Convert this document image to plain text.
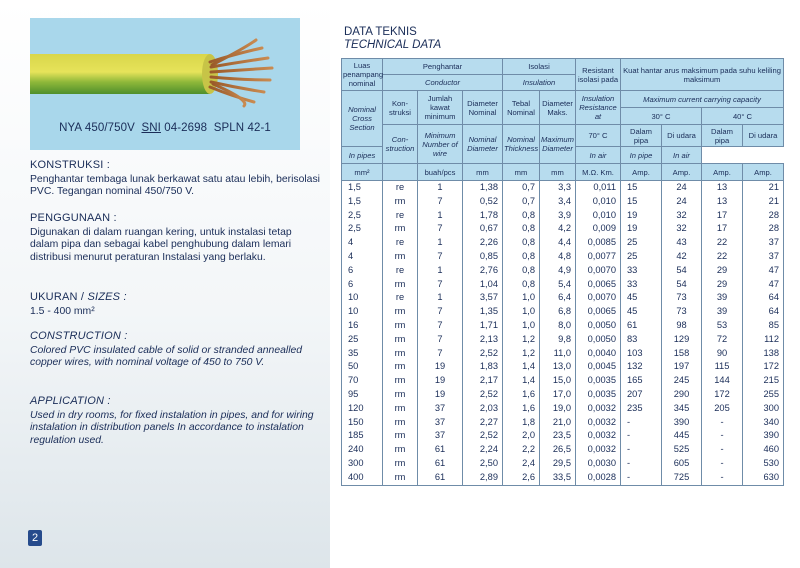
NYA 450/750V SNI 04-2698 SPLN 42-1
KONSTRUKSI :

Penghantar tembaga lunak berkawat satu atau lebih, berisolasi PVC. Tegangan nominal 450/750 V.

PENGGUNAAN :

Digunakan di dalam ruangan kering, untuk instalasi tetap dalam pipa dan sebagai kabel penghubung dalam lemari distribusi menurut peraturan Instalasi yang berlaku.

UKURAN / SIZES :

1.5 - 400 mm²

CONSTRUCTION :

Colored PVC insulated cable of solid or stranded annealled copper wires, with nominal voltage of 450 to 750 V.

APPLICATION :

Used in dry rooms, for fixed instalation in pipes, and for wiring instalation in distribution panels In accordance to instalation regulation used.

2
DATA TEKNIS
TECHNICAL DATA
Luas penampang nominal	Penghantar			Isolasi		Resistant isolasi pada	Kuat hantar arus maksimum pada suhu keliling maksimum			
	Conductor			Insulation						
Nominal Cross Section	Kon-struksi	Jumlah kawat minimum	Diameter Nominal	Tebal Nominal	Diameter Maks.	Insulation Resistance at	Maximum current carrying capacity			
							30° C		40° C	
	Con-struction	Minimum Number of wire	Nominal Diameter	Nominal Thickness	Maximum Diameter	70° C	Dalam pipa	Di udara	Dalam pipa	Di udara
In pipes						In air	In pipe	In air		
mm²		buah/pcs	mm	mm	mm	M.Ω. Km.	Amp.	Amp.	Amp.	Amp.
1,5	re	1	1,38	0,7	3,3	0,011	15	24	13	21
1,5	rm	7	0,52	0,7	3,4	0,010	15	24	13	21
2,5	re	1	1,78	0,8	3,9	0,010	19	32	17	28
2,5	rm	7	0,67	0,8	4,2	0,009	19	32	17	28
4	re	1	2,26	0,8	4,4	0,0085	25	43	22	37
4	rm	7	0,85	0,8	4,8	0,0077	25	42	22	37
6	re	1	2,76	0,8	4,9	0,0070	33	54	29	47
6	rm	7	1,04	0,8	5,4	0,0065	33	54	29	47
10	re	1	3,57	1,0	6,4	0,0070	45	73	39	64
10	rm	7	1,35	1,0	6,8	0,0065	45	73	39	64
16	rm	7	1,71	1,0	8,0	0,0050	61	98	53	85
25	rm	7	2,13	1,2	9,8	0,0050	83	129	72	112
35	rm	7	2,52	1,2	11,0	0,0040	103	158	90	138
50	rm	19	1,83	1,4	13,0	0,0045	132	197	115	172
70	rm	19	2,17	1,4	15,0	0,0035	165	245	144	215
95	rm	19	2,52	1,6	17,0	0,0035	207	290	172	255
120	rm	37	2,03	1,6	19,0	0,0032	235	345	205	300
150	rm	37	2,27	1,8	21,0	0,0032	-	390	-	340
185	rm	37	2,52	2,0	23,5	0,0032	-	445	-	390
240	rm	61	2,24	2,2	26,5	0,0032	-	525	-	460
300	rm	61	2,50	2,4	29,5	0,0030	-	605	-	530
400	rm	61	2,89	2,6	33,5	0,0028	-	725	-	630
